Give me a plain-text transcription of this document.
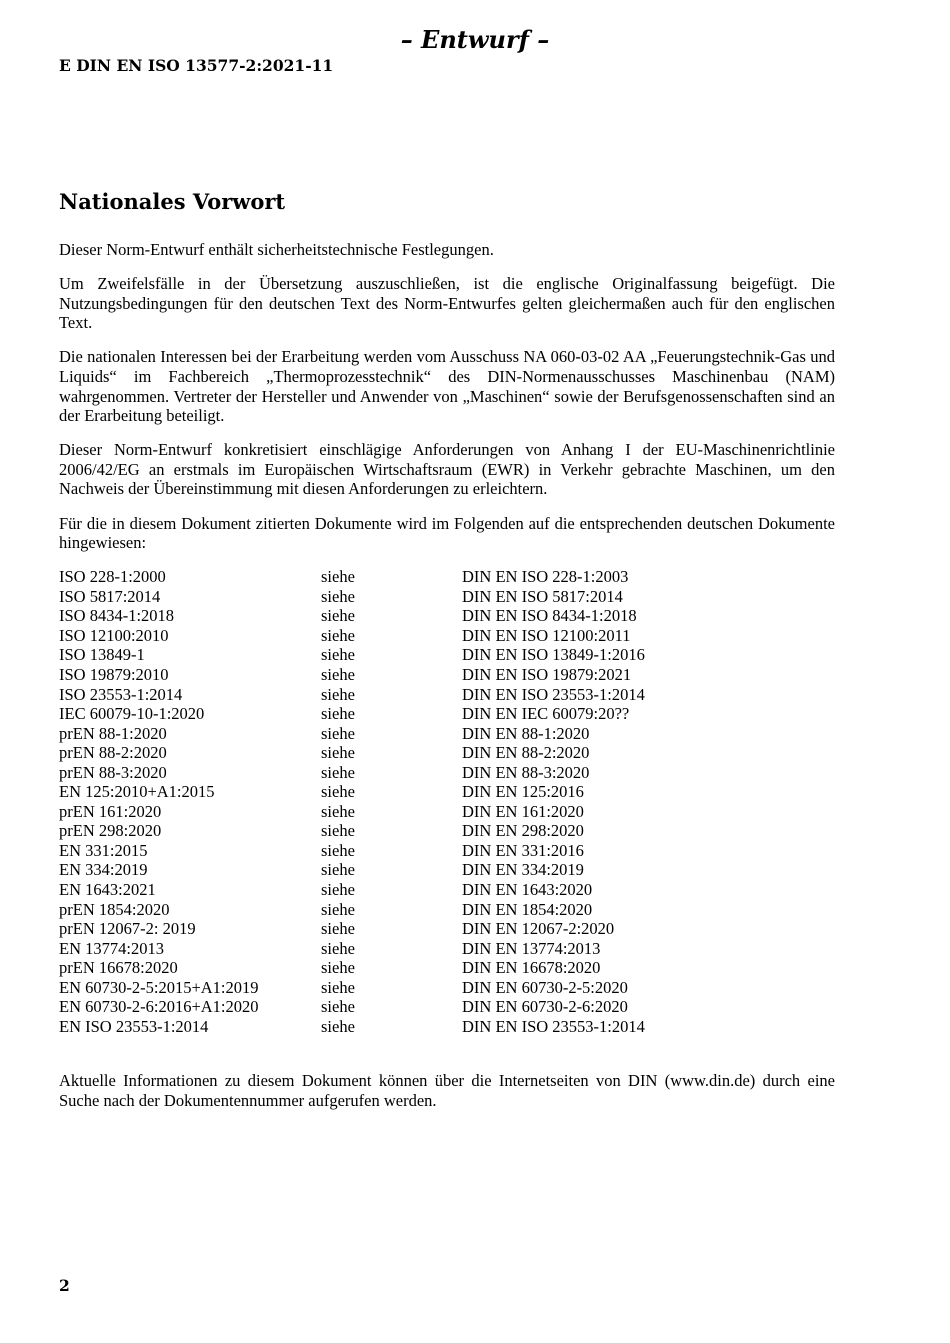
– Entwurf –
E DIN EN ISO 13577-2:2021-11
Nationales Vorwort

Dieser Norm-Entwurf enthält sicherheitstechnische Festlegungen.

Um Zweifelsfälle in der Übersetzung auszuschließen, ist die englische Originalfassung beigefügt. Die Nutzungsbedingungen für den deutschen Text des Norm-Entwurfes gelten gleichermaßen auch für den englischen Text.

Die nationalen Interessen bei der Erarbeitung werden vom Ausschuss NA 060-03-02 AA „Feuerungstechnik-Gas und Liquids“ im Fachbereich „Thermoprozesstechnik“ des DIN-Normenausschusses Maschinenbau (NAM) wahrgenommen. Vertreter der Hersteller und Anwender von „Maschinen“ sowie der Berufsgenossenschaften sind an der Erarbeitung beteiligt.

Dieser Norm-Entwurf konkretisiert einschlägige Anforderungen von Anhang I der EU-Maschinenrichtlinie 2006/42/EG an erstmals im Europäischen Wirtschaftsraum (EWR) in Verkehr gebrachte Maschinen, um den Nachweis der Übereinstimmung mit diesen Anforderungen zu erleichtern.

Für die in diesem Dokument zitierten Dokumente wird im Folgenden auf die entsprechenden deutschen Dokumente hingewiesen:

ISO 228-1:2000	siehe	DIN EN ISO 228-1:2003
ISO 5817:2014	siehe	DIN EN ISO 5817:2014
ISO 8434-1:2018	siehe	DIN EN ISO 8434-1:2018
ISO 12100:2010	siehe	DIN EN ISO 12100:2011
ISO 13849-1	siehe	DIN EN ISO 13849-1:2016
ISO 19879:2010	siehe	DIN EN ISO 19879:2021
ISO 23553-1:2014	siehe	DIN EN ISO 23553-1:2014
IEC 60079-10-1:2020	siehe	DIN EN IEC 60079:20??
prEN 88-1:2020	siehe	DIN EN 88-1:2020
prEN 88-2:2020	siehe	DIN EN 88-2:2020
prEN 88-3:2020	siehe	DIN EN 88-3:2020
EN 125:2010+A1:2015	siehe	DIN EN 125:2016
prEN 161:2020	siehe	DIN EN 161:2020
prEN 298:2020	siehe	DIN EN 298:2020
EN 331:2015	siehe	DIN EN 331:2016
EN 334:2019	siehe	DIN EN 334:2019
EN 1643:2021	siehe	DIN EN 1643:2020
prEN 1854:2020	siehe	DIN EN 1854:2020
prEN 12067-2: 2019	siehe	DIN EN 12067-2:2020
EN 13774:2013	siehe	DIN EN 13774:2013
prEN 16678:2020	siehe	DIN EN 16678:2020
EN 60730-2-5:2015+A1:2019	siehe	DIN EN 60730-2-5:2020
EN 60730-2-6:2016+A1:2020	siehe	DIN EN 60730-2-6:2020
EN ISO 23553-1:2014	siehe	DIN EN ISO 23553-1:2014

Aktuelle Informationen zu diesem Dokument können über die Internetseiten von DIN (www.din.de) durch eine Suche nach der Dokumentennummer aufgerufen werden.

2
